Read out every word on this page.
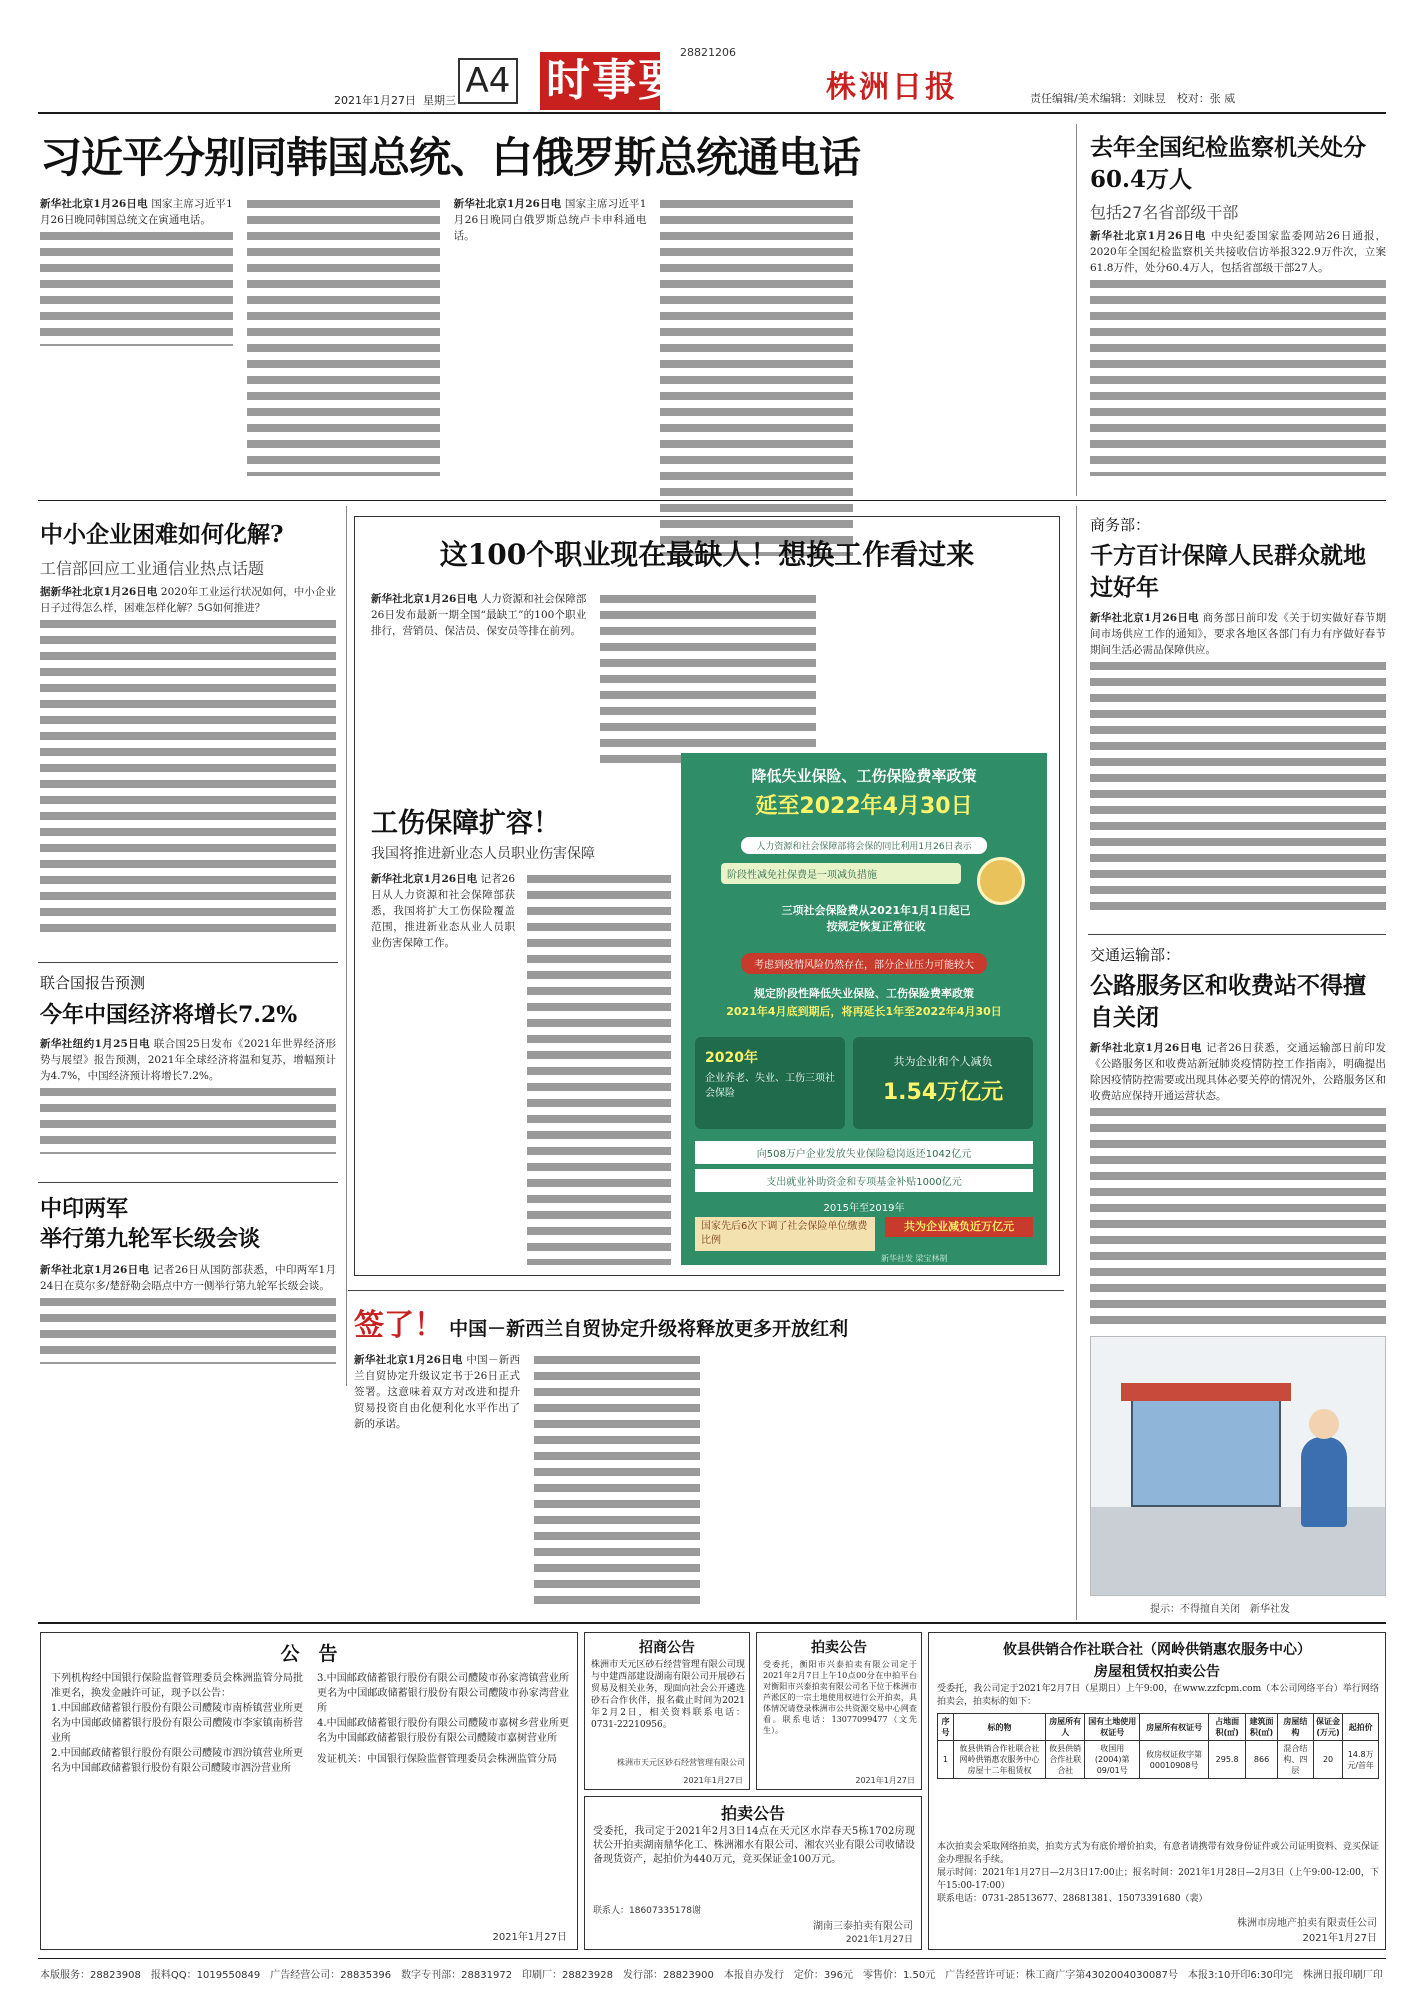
2021年1月27日 星期三 A4 时事要闻
28821206
株洲日报	责任编辑/美术编辑：刘昧昱　校对：张 威
习近平分别同韩国总统、白俄罗斯总统通电话

新华社北京1月26日电 国家主席习近平1月26日晚同韩国总统文在寅通电话。

新华社北京1月26日电 国家主席习近平1月26日晚同白俄罗斯总统卢卡申科通电话。

去年全国纪检监察机关处分60.4万人
包括27名省部级干部

新华社北京1月26日电 中央纪委国家监委网站26日通报，2020年全国纪检监察机关共接收信访举报322.9万件次，立案61.8万件，处分60.4万人，包括省部级干部27人。

中小企业困难如何化解?
工信部回应工业通信业热点话题

据新华社北京1月26日电 2020年工业运行状况如何，中小企业日子过得怎么样，困难怎样化解？5G如何推进？

联合国报告预测
今年中国经济将增长7.2%

新华社纽约1月25日电 联合国25日发布《2021年世界经济形势与展望》报告预测，2021年全球经济将温和复苏，增幅预计为4.7%，中国经济预计将增长7.2%。

中印两军
举行第九轮军长级会谈

新华社北京1月26日电 记者26日从国防部获悉，中印两军1月24日在莫尔多/楚舒勒会晤点中方一侧举行第九轮军长级会谈。

这100个职业现在最缺人！想换工作看过来

新华社北京1月26日电 人力资源和社会保障部26日发布最新一期全国“最缺工”的100个职业排行，营销员、保洁员、保安员等排在前列。

工伤保障扩容！
我国将推进新业态人员职业伤害保障

新华社北京1月26日电 记者26日从人力资源和社会保障部获悉，我国将扩大工伤保险覆盖范围，推进新业态从业人员职业伤害保障工作。

降低失业保险、工伤保险费率政策
延至2022年4月30日
人力资源和社会保障部将会保的同比利用1月26日表示
阶段性减免社保费是一项减负措施
三项社会保险费从2021年1月1日起已按规定恢复正常征收
考虑到疫情风险仍然存在，部分企业压力可能较大
规定阶段性降低失业保险、工伤保险费率政策
2021年4月底到期后，将再延长1年至2022年4月30日
2020年
企业养老、失业、工伤三项社会保险
共为企业和个人减负
1.54万亿元
向508万户企业发放失业保险稳岗返还1042亿元
支出就业补助资金和专项基金补贴1000亿元
2015年至2019年
国家先后6次下调了社会保险单位缴费比例
共为企业减负近万亿元
新华社发 梁宝林制
商务部：
千方百计保障人民群众就地过好年

新华社北京1月26日电 商务部日前印发《关于切实做好春节期间市场供应工作的通知》，要求各地区各部门有力有序做好春节期间生活必需品保障供应。

交通运输部：
公路服务区和收费站不得擅自关闭

新华社北京1月26日电 记者26日获悉，交通运输部日前印发《公路服务区和收费站新冠肺炎疫情防控工作指南》，明确提出除因疫情防控需要或出现具体必要关停的情况外，公路服务区和收费站应保持开通运营状态。

提示：不得擅自关闭　新华社发
签了！ 中国－新西兰自贸协定升级将释放更多开放红利

新华社北京1月26日电 中国－新西兰自贸协定升级议定书于26日正式签署。这意味着双方对改进和提升贸易投资自由化便利化水平作出了新的承诺。

公　告

下列机构经中国银行保险监督管理委员会株洲监管分局批准更名，换发金融许可证，现予以公告：

1.中国邮政储蓄银行股份有限公司醴陵市南桥镇营业所更名为中国邮政储蓄银行股份有限公司醴陵市李家镇南桥营业所

2.中国邮政储蓄银行股份有限公司醴陵市泗汾镇营业所更名为中国邮政储蓄银行股份有限公司醴陵市泗汾营业所

3.中国邮政储蓄银行股份有限公司醴陵市孙家湾镇营业所更名为中国邮政储蓄银行股份有限公司醴陵市孙家湾营业所

4.中国邮政储蓄银行股份有限公司醴陵市嘉树乡营业所更名为中国邮政储蓄银行股份有限公司醴陵市嘉树营业所

发证机关：中国银行保险监督管理委员会株洲监管分局

2021年1月27日
招商公告
株洲市天元区砂石经营管理有限公司现与中建西部建设湖南有限公司开展砂石贸易及相关业务，现面向社会公开遴选砂石合作伙伴，报名截止时间为2021年2月2日，相关资料联系电话：0731-22210956。
株洲市天元区砂石经营管理有限公司
2021年1月27日
拍卖公告
受委托，衡阳市兴泰拍卖有限公司定于2021年2月7日上午10点00分在中拍平台对衡阳市兴泰拍卖有限公司名下位于株洲市芦淞区的一宗土地使用权进行公开拍卖，具体情况请登录株洲市公共资源交易中心网查看。联系电话：13077099477（文先生）。
2021年1月27日
拍卖公告
受委托，我司定于2021年2月3日14点在天元区水岸春天5栋1702房现状公开拍卖湖南鼎华化工、株洲湘水有限公司、湘农兴业有限公司收储设备现货资产，起拍价为440万元，竞买保证金100万元。
联系人：18607335178谢
湖南三泰拍卖有限公司
2021年1月27日
攸县供销合作社联合社（网岭供销惠农服务中心）
房屋租赁权拍卖公告
受委托，我公司定于2021年2月7日（星期日）上午9:00，在www.zzfcpm.com（本公司网络平台）举行网络拍卖会，拍卖标的如下：
序号	标的物	房屋所有人	国有土地使用权证号	房屋所有权证号	占地面积(㎡)	建筑面积(㎡)	房屋结构	保证金(万元)	起拍价
1	攸县供销合作社联合社网岭供销惠农服务中心房屋十二年租赁权	攸县供销合作社联合社	收国用(2004)第09/01号	攸房权证攸字第00010908号	295.8	866	混合结构、四层	20	14.8万元/首年

本次拍卖会采取网络拍卖，拍卖方式为有底价增价拍卖，有意者请携带有效身份证件或公司证明资料、竞买保证金办理报名手续。

展示时间：2021年1月27日—2月3日17:00止；报名时间：2021年1月28日—2月3日（上午9:00-12:00，下午15:00-17:00）

联系电话：0731-28513677、28681381、15073391680（裴）

株洲市房地产拍卖有限责任公司
2021年1月27日
本版服务：28823908　报料QQ：1019550849　广告经营公司：28835396　数字专刊部：28831972　印刷厂：28823928　发行部：28823900　本报自办发行　定价：396元　零售价：1.50元　广告经营许可证：株工商广字第4302004030087号　本报3:10开印6:30印完　株洲日报印刷厂印
